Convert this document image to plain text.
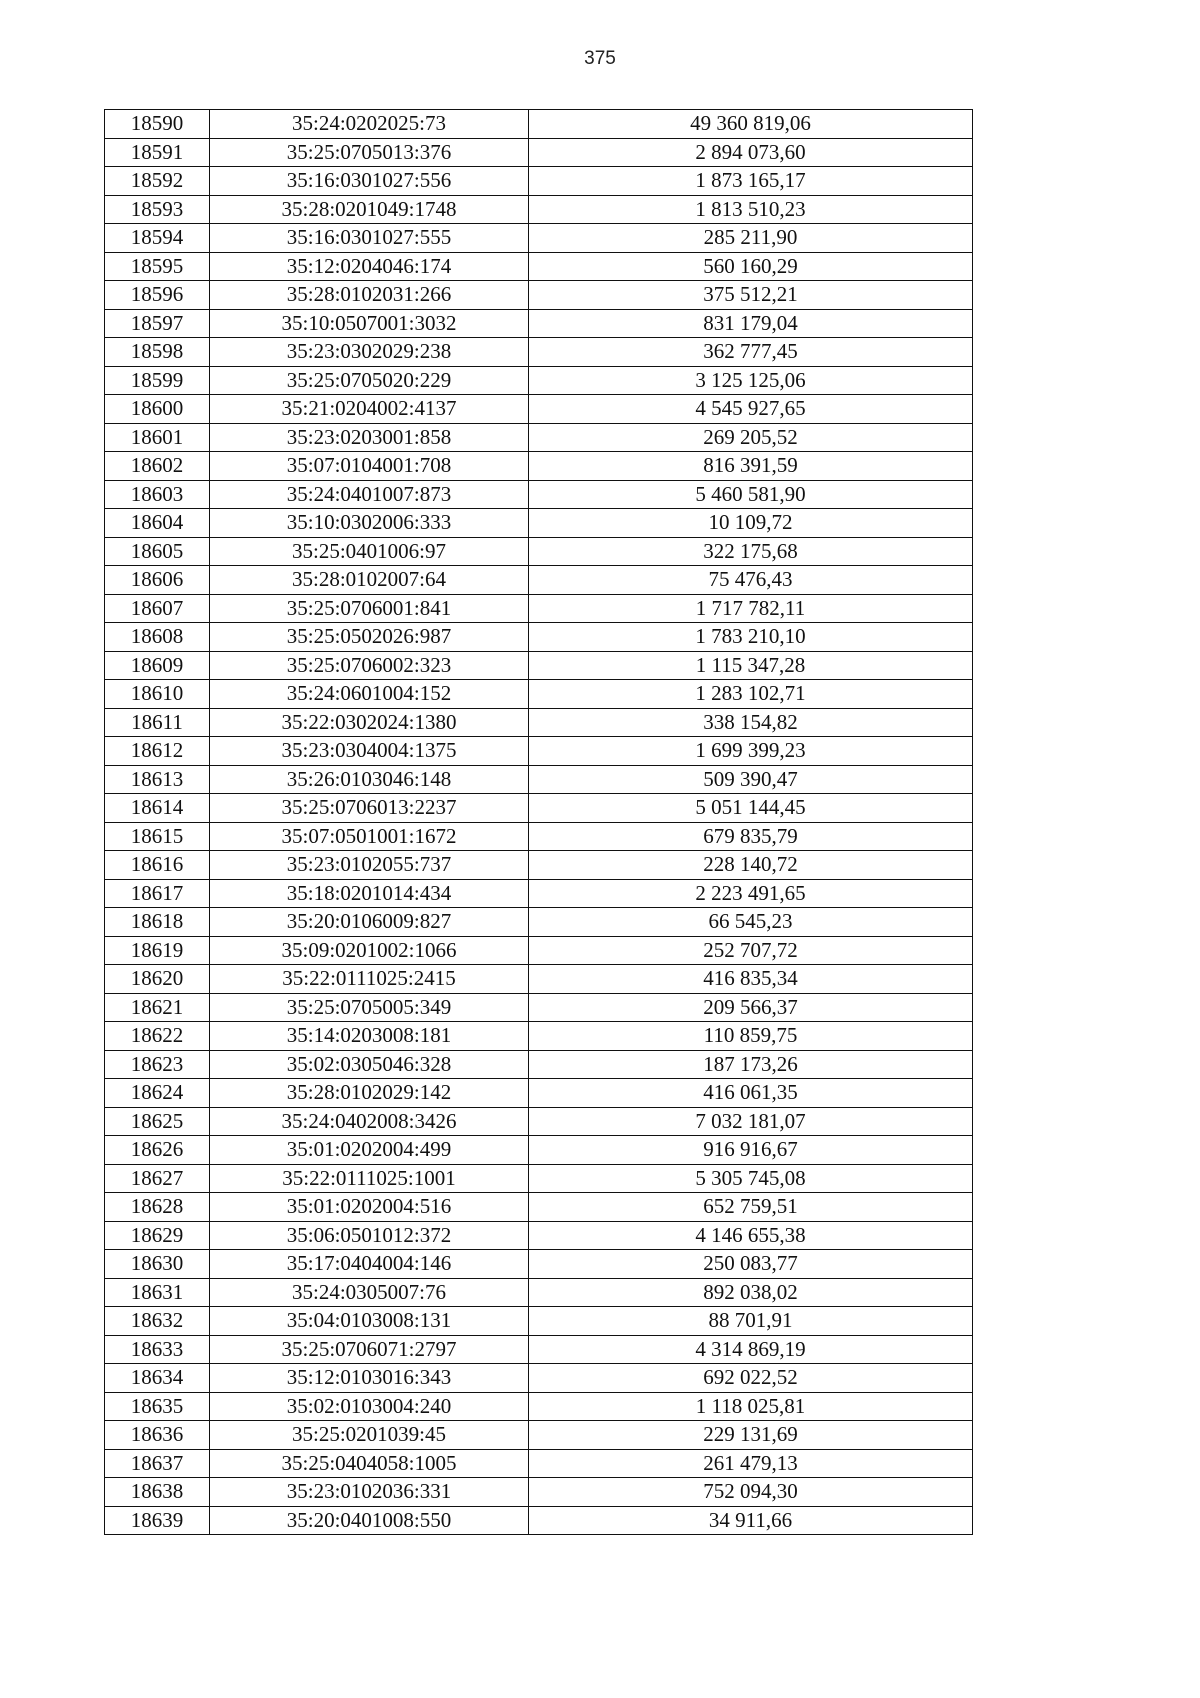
375
18590	35:24:0202025:73	49 360 819,06
18591	35:25:0705013:376	2 894 073,60
18592	35:16:0301027:556	1 873 165,17
18593	35:28:0201049:1748	1 813 510,23
18594	35:16:0301027:555	285 211,90
18595	35:12:0204046:174	560 160,29
18596	35:28:0102031:266	375 512,21
18597	35:10:0507001:3032	831 179,04
18598	35:23:0302029:238	362 777,45
18599	35:25:0705020:229	3 125 125,06
18600	35:21:0204002:4137	4 545 927,65
18601	35:23:0203001:858	269 205,52
18602	35:07:0104001:708	816 391,59
18603	35:24:0401007:873	5 460 581,90
18604	35:10:0302006:333	10 109,72
18605	35:25:0401006:97	322 175,68
18606	35:28:0102007:64	75 476,43
18607	35:25:0706001:841	1 717 782,11
18608	35:25:0502026:987	1 783 210,10
18609	35:25:0706002:323	1 115 347,28
18610	35:24:0601004:152	1 283 102,71
18611	35:22:0302024:1380	338 154,82
18612	35:23:0304004:1375	1 699 399,23
18613	35:26:0103046:148	509 390,47
18614	35:25:0706013:2237	5 051 144,45
18615	35:07:0501001:1672	679 835,79
18616	35:23:0102055:737	228 140,72
18617	35:18:0201014:434	2 223 491,65
18618	35:20:0106009:827	66 545,23
18619	35:09:0201002:1066	252 707,72
18620	35:22:0111025:2415	416 835,34
18621	35:25:0705005:349	209 566,37
18622	35:14:0203008:181	110 859,75
18623	35:02:0305046:328	187 173,26
18624	35:28:0102029:142	416 061,35
18625	35:24:0402008:3426	7 032 181,07
18626	35:01:0202004:499	916 916,67
18627	35:22:0111025:1001	5 305 745,08
18628	35:01:0202004:516	652 759,51
18629	35:06:0501012:372	4 146 655,38
18630	35:17:0404004:146	250 083,77
18631	35:24:0305007:76	892 038,02
18632	35:04:0103008:131	88 701,91
18633	35:25:0706071:2797	4 314 869,19
18634	35:12:0103016:343	692 022,52
18635	35:02:0103004:240	1 118 025,81
18636	35:25:0201039:45	229 131,69
18637	35:25:0404058:1005	261 479,13
18638	35:23:0102036:331	752 094,30
18639	35:20:0401008:550	34 911,66
